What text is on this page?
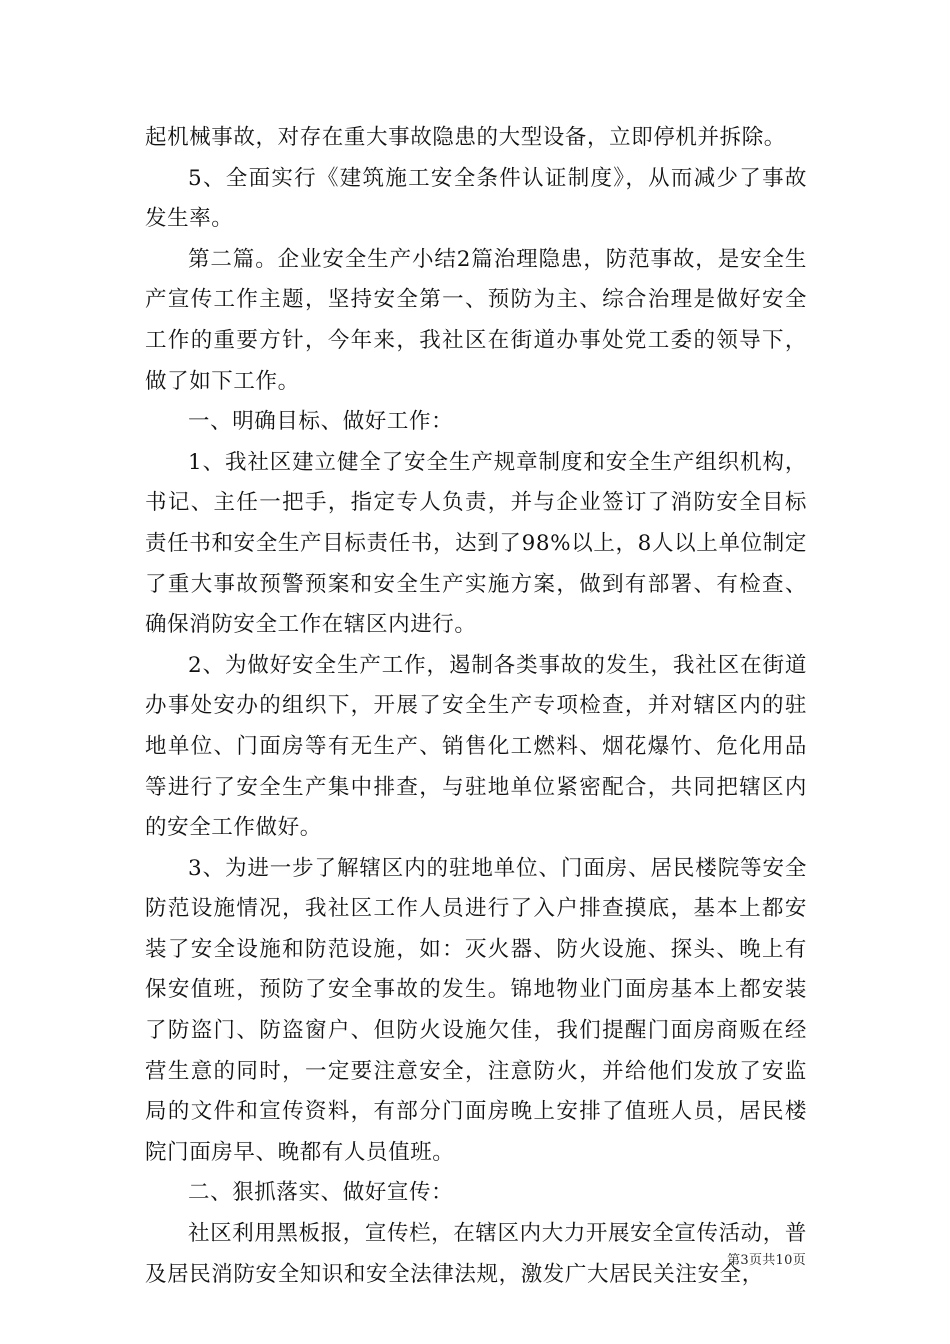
起机械事故，对存在重大事故隐患的大型设备，立即停机并拆除。

5、全面实行《建筑施工安全条件认证制度》，从而减少了事故发生率。

第二篇。企业安全生产小结2篇治理隐患，防范事故，是安全生产宣传工作主题，坚持安全第一、预防为主、综合治理是做好安全工作的重要方针，今年来，我社区在街道办事处党工委的领导下，做了如下工作。

一、明确目标、做好工作：

1、我社区建立健全了安全生产规章制度和安全生产组织机构，书记、主任一把手，指定专人负责，并与企业签订了消防安全目标责任书和安全生产目标责任书，达到了98%以上，8人以上单位制定了重大事故预警预案和安全生产实施方案，做到有部署、有检查、确保消防安全工作在辖区内进行。

2、为做好安全生产工作，遏制各类事故的发生，我社区在街道办事处安办的组织下，开展了安全生产专项检查，并对辖区内的驻地单位、门面房等有无生产、销售化工燃料、烟花爆竹、危化用品等进行了安全生产集中排查，与驻地单位紧密配合，共同把辖区内的安全工作做好。

3、为进一步了解辖区内的驻地单位、门面房、居民楼院等安全防范设施情况，我社区工作人员进行了入户排查摸底，基本上都安装了安全设施和防范设施，如：灭火器、防火设施、探头、晚上有保安值班，预防了安全事故的发生。锦地物业门面房基本上都安装了防盗门、防盗窗户、但防火设施欠佳，我们提醒门面房商贩在经营生意的同时，一定要注意安全，注意防火，并给他们发放了安监局的文件和宣传资料，有部分门面房晚上安排了值班人员，居民楼院门面房早、晚都有人员值班。

二、狠抓落实、做好宣传：

社区利用黑板报，宣传栏，在辖区内大力开展安全宣传活动，普及居民消防安全知识和安全法律法规，激发广大居民关注安全，

第3页共10页
